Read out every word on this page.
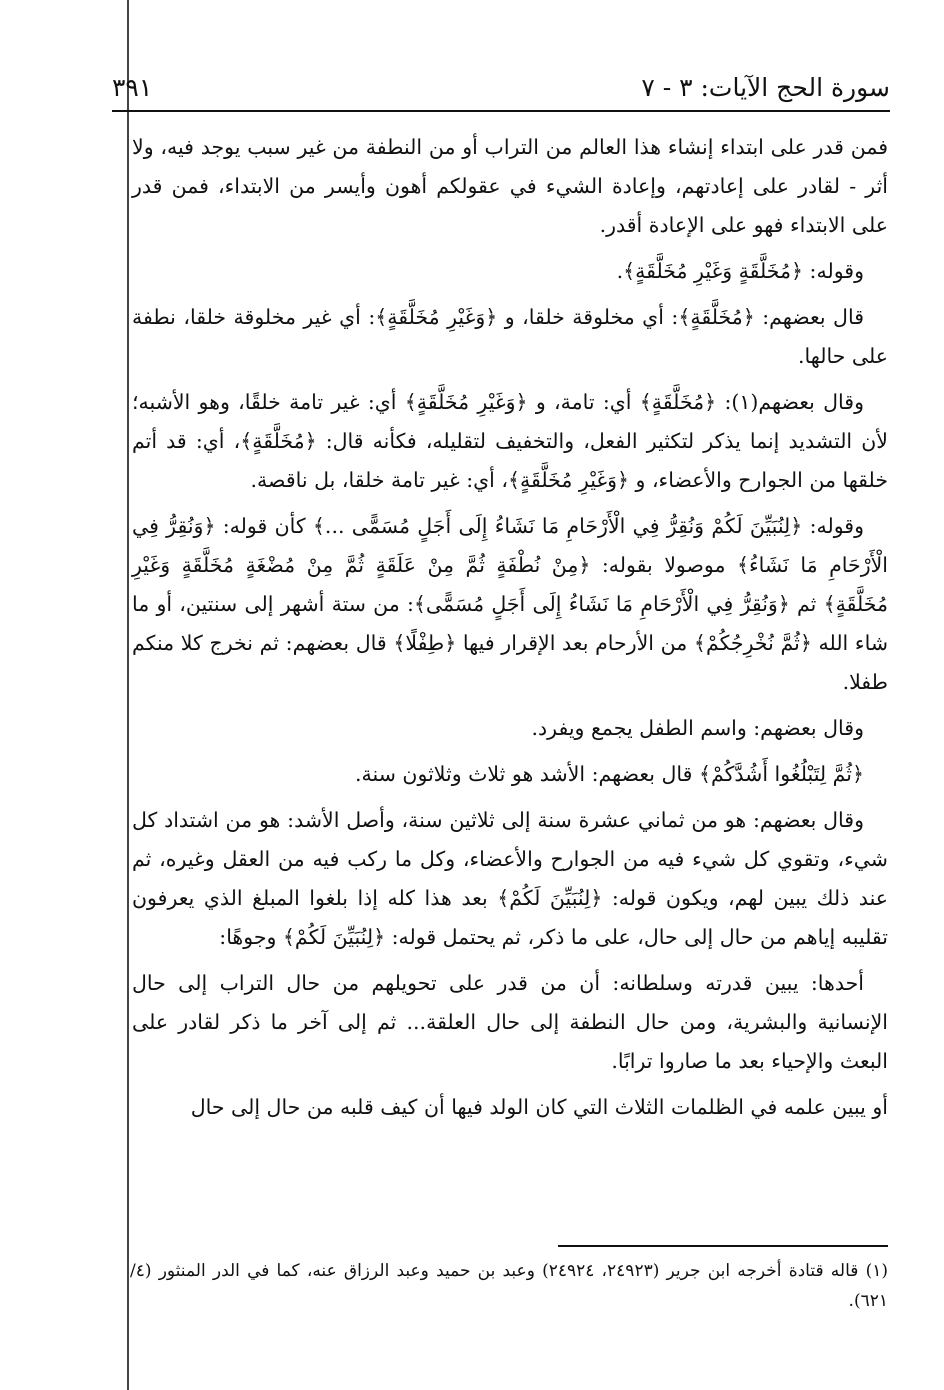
سورة الحج الآيات: ٣ - ٧
٣٩١

فمن قدر على ابتداء إنشاء هذا العالم من التراب أو من النطفة من غير سبب يوجد فيه، ولا أثر - لقادر على إعادتهم، وإعادة الشيء في عقولكم أهون وأيسر من الابتداء، فمن قدر على الابتداء فهو على الإعادة أقدر.

وقوله: ﴿مُخَلَّقَةٍ وَغَيْرِ مُخَلَّقَةٍ﴾.

قال بعضهم: ﴿مُخَلَّقَةٍ﴾: أي مخلوقة خلقا، و ﴿وَغَيْرِ مُخَلَّقَةٍ﴾: أي غير مخلوقة خلقا، نطفة على حالها.

وقال بعضهم(١): ﴿مُخَلَّقَةٍ﴾ أي: تامة، و ﴿وَغَيْرِ مُخَلَّقَةٍ﴾ أي: غير تامة خلقًا، وهو الأشبه؛ لأن التشديد إنما يذكر لتكثير الفعل، والتخفيف لتقليله، فكأنه قال: ﴿مُخَلَّقَةٍ﴾، أي: قد أتم خلقها من الجوارح والأعضاء، و ﴿وَغَيْرِ مُخَلَّقَةٍ﴾، أي: غير تامة خلقا، بل ناقصة.

وقوله: ﴿لِنُبَيِّنَ لَكُمْ وَنُقِرُّ فِي الْأَرْحَامِ مَا نَشَاءُ إِلَى أَجَلٍ مُسَمًّى ...﴾ كأن قوله: ﴿وَنُقِرُّ فِي الْأَرْحَامِ مَا نَشَاءُ﴾ موصولا بقوله: ﴿مِنْ نُطْفَةٍ ثُمَّ مِنْ عَلَقَةٍ ثُمَّ مِنْ مُضْغَةٍ مُخَلَّقَةٍ وَغَيْرِ مُخَلَّقَةٍ﴾ ثم ﴿وَنُقِرُّ فِي الْأَرْحَامِ مَا نَشَاءُ إِلَى أَجَلٍ مُسَمًّى﴾: من ستة أشهر إلى سنتين، أو ما شاء الله ﴿ثُمَّ نُخْرِجُكُمْ﴾ من الأرحام بعد الإقرار فيها ﴿طِفْلًا﴾ قال بعضهم: ثم نخرج كلا منكم طفلا.

وقال بعضهم: واسم الطفل يجمع ويفرد.

﴿ثُمَّ لِتَبْلُغُوا أَشُدَّكُمْ﴾ قال بعضهم: الأشد هو ثلاث وثلاثون سنة.

وقال بعضهم: هو من ثماني عشرة سنة إلى ثلاثين سنة، وأصل الأشد: هو من اشتداد كل شيء، وتقوي كل شيء فيه من الجوارح والأعضاء، وكل ما ركب فيه من العقل وغيره، ثم عند ذلك يبين لهم، ويكون قوله: ﴿لِنُبَيِّنَ لَكُمْ﴾ بعد هذا كله إذا بلغوا المبلغ الذي يعرفون تقليبه إياهم من حال إلى حال، على ما ذكر، ثم يحتمل قوله: ﴿لِنُبَيِّنَ لَكُمْ﴾ وجوهًا:

أحدها: يبين قدرته وسلطانه: أن من قدر على تحويلهم من حال التراب إلى حال الإنسانية والبشرية، ومن حال النطفة إلى حال العلقة... ثم إلى آخر ما ذكر لقادر على البعث والإحياء بعد ما صاروا ترابًا.

أو يبين علمه في الظلمات الثلاث التي كان الولد فيها أن كيف قلبه من حال إلى حال

(١) قاله قتادة أخرجه ابن جرير (٢٤٩٢٣، ٢٤٩٢٤) وعبد بن حميد وعبد الرزاق عنه، كما في الدر المنثور (٤/ ٦٢١).
